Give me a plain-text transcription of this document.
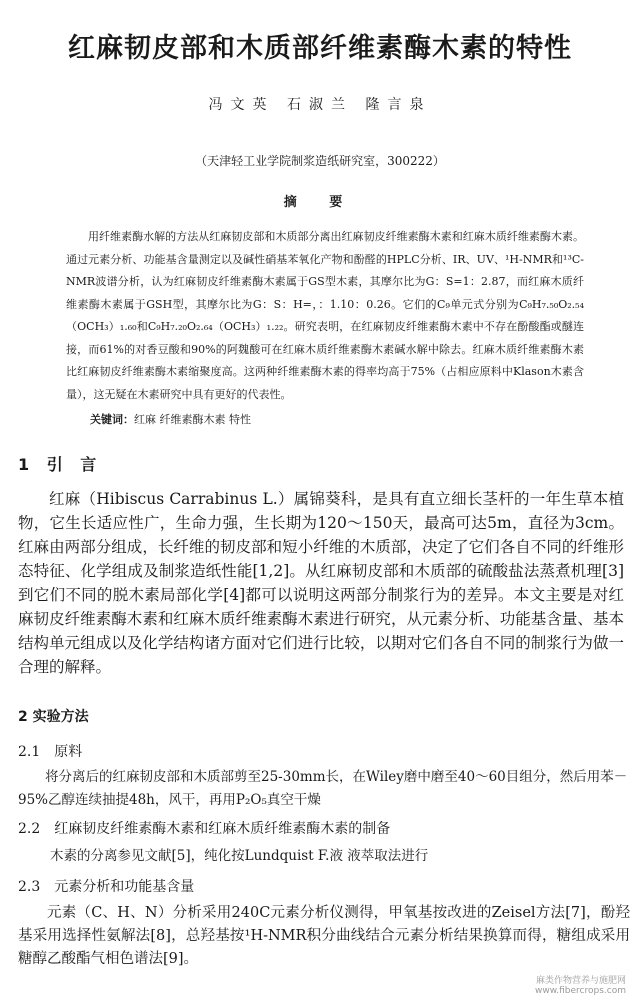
红麻韧皮部和木质部纤维素酶木素的特性
冯文英 石淑兰 隆言泉
（天津轻工业学院制浆造纸研究室，300222）
摘 要

用纤维素酶水解的方法从红麻韧皮部和木质部分离出红麻韧皮纤维素酶木素和红麻木质纤维素酶木素。通过元素分析、功能基含量测定以及碱性硝基苯氧化产物和酚醛的HPLC分析、IR、UV、¹H-NMR和¹³C-NMR波谱分析，认为红麻韧皮纤维素酶木素属于GS型木素，其摩尔比为G：S=1：2.87，而红麻木质纤维素酶木素属于GSH型，其摩尔比为G：S：H=，：1.10：0.26。它们的C₉单元式分别为C₉H₇.₅₀O₂.₅₄（OCH₃）₁.₆₀和C₉H₇.₂₀O₂.₆₄（OCH₃）₁.₂₂。研究表明，在红麻韧皮纤维素酶木素中不存在酚酸酯或醚连接，而61%的对香豆酸和90%的阿魏酸可在红麻木质纤维素酶木素碱水解中除去。红麻木质纤维素酶木素比红麻韧皮纤维素酶木素缩聚度高。这两种纤维素酶木素的得率均高于75%（占相应原料中Klason木素含量），这无疑在木素研究中具有更好的代表性。

关键词：红麻 纤维素酶木素 特性
1 引 言

红麻（Hibiscus Carrabinus L.）属锦葵科，是具有直立细长茎杆的一年生草本植物，它生长适应性广，生命力强，生长期为120～150天，最高可达5m，直径为3cm。红麻由两部分组成，长纤维的韧皮部和短小纤维的木质部，决定了它们各自不同的纤维形态特征、化学组成及制浆造纸性能[1,2]。从红麻韧皮部和木质部的硫酸盐法蒸煮机理[3]到它们不同的脱木素局部化学[4]都可以说明这两部分制浆行为的差异。本文主要是对红麻韧皮纤维素酶木素和红麻木质纤维素酶木素进行研究，从元素分析、功能基含量、基本结构单元组成以及化学结构诸方面对它们进行比较，以期对它们各自不同的制浆行为做一合理的解释。

2 实验方法
2.1 原料

将分离后的红麻韧皮部和木质部剪至25-30mm长，在Wiley磨中磨至40～60目组分，然后用苯－95%乙醇连续抽提48h，风干，再用P₂O₅真空干燥

2.2 红麻韧皮纤维素酶木素和红麻木质纤维素酶木素的制备

木素的分离参见文献[5]，纯化按Lundquist F.液 液萃取法进行

2.3 元素分析和功能基含量

元素（C、H、N）分析采用240C元素分析仪测得，甲氧基按改进的Zeisel方法[7]，酚羟基采用选择性氨解法[8]，总羟基按¹H-NMR积分曲线结合元素分析结果换算而得，糖组成采用糖醇乙酸酯气相色谱法[9]。

麻类作物营养与施肥网
www.fibercrops.com
